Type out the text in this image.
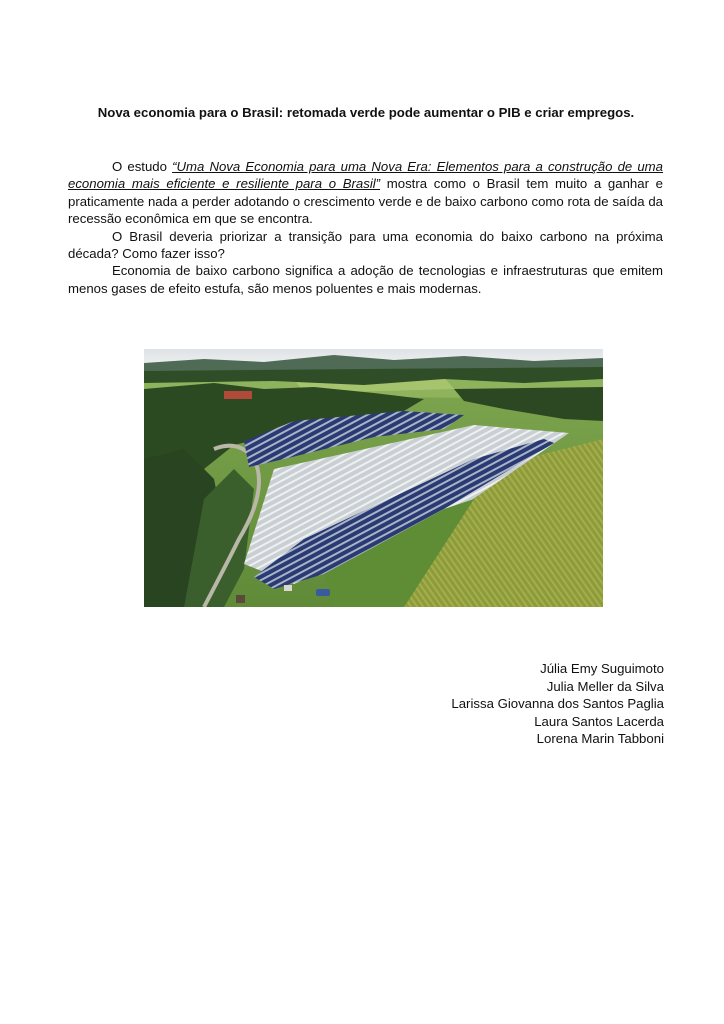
Nova economia para o Brasil: retomada verde pode aumentar o PIB e criar empregos.

O estudo “Uma Nova Economia para uma Nova Era: Elementos para a construção de uma economia mais eficiente e resiliente para o Brasil” mostra como o Brasil tem muito a ganhar e praticamente nada a perder adotando o crescimento verde e de baixo carbono como rota de saída da recessão econômica em que se encontra.

O Brasil deveria priorizar a transição para uma economia do baixo carbono na próxima década? Como fazer isso?

Economia de baixo carbono significa a adoção de tecnologias e infraestruturas que emitem menos gases de efeito estufa, são menos poluentes e mais modernas.

Júlia Emy Suguimoto
Julia Meller da Silva
Larissa Giovanna dos Santos Paglia
Laura Santos Lacerda
Lorena Marin Tabboni
